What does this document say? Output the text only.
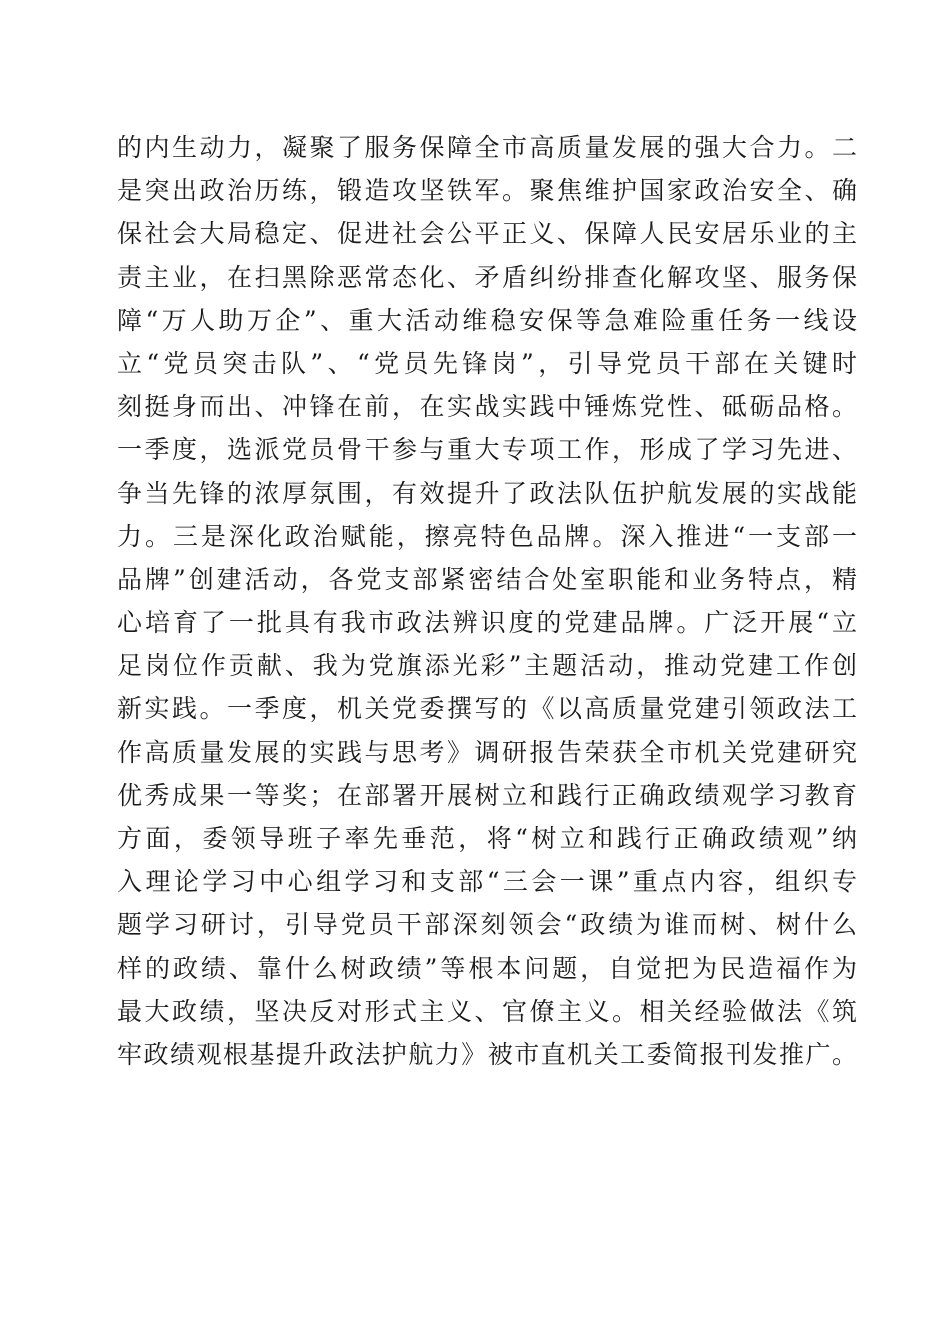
的内生动力，凝聚了服务保障全市高质量发展的强大合力。二
是突出政治历练，锻造攻坚铁军。聚焦维护国家政治安全、确
保社会大局稳定、促进社会公平正义、保障人民安居乐业的主
责主业，在扫黑除恶常态化、矛盾纠纷排查化解攻坚、服务保
障“万人助万企”、重大活动维稳安保等急难险重任务一线设
立“党员突击队”、“党员先锋岗”，引导党员干部在关键时
刻挺身而出、冲锋在前，在实战实践中锤炼党性、砥砺品格。
一季度，选派党员骨干参与重大专项工作，形成了学习先进、
争当先锋的浓厚氛围，有效提升了政法队伍护航发展的实战能
力。三是深化政治赋能，擦亮特色品牌。深入推进“一支部一
品牌”创建活动，各党支部紧密结合处室职能和业务特点，精
心培育了一批具有我市政法辨识度的党建品牌。广泛开展“立
足岗位作贡献、我为党旗添光彩”主题活动，推动党建工作创
新实践。一季度，机关党委撰写的《以高质量党建引领政法工
作高质量发展的实践与思考》调研报告荣获全市机关党建研究
优秀成果一等奖；在部署开展树立和践行正确政绩观学习教育
方面，委领导班子率先垂范，将“树立和践行正确政绩观”纳
入理论学习中心组学习和支部“三会一课”重点内容，组织专
题学习研讨，引导党员干部深刻领会“政绩为谁而树、树什么
样的政绩、靠什么树政绩”等根本问题，自觉把为民造福作为
最大政绩，坚决反对形式主义、官僚主义。相关经验做法《筑
牢政绩观根基提升政法护航力》被市直机关工委简报刊发推广。
